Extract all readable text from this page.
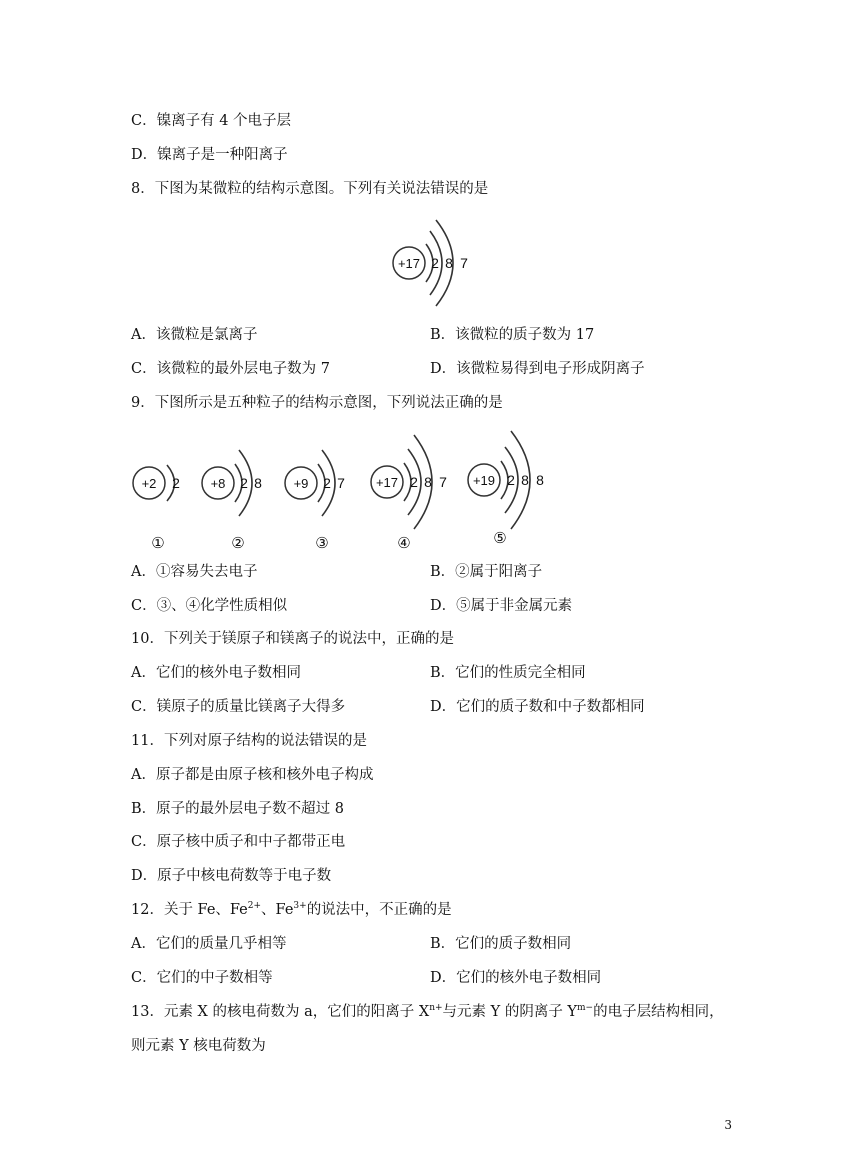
C．镍离子有 4 个电子层
D．镍离子是一种阳离子
8．下图为某微粒的结构示意图。下列有关说法错误的是
+17 2 8 7
A．该微粒是氯离子	B．该微粒的质子数为 17
C．该微粒的最外层电子数为 7	D．该微粒易得到电子形成阴离子
9．下图所示是五种粒子的结构示意图，下列说法正确的是
+2 2
①
+8 2 8
②
+9 2 7
③
+17 2 8 7
④
+19 2 8 8
⑤
A．①容易失去电子	B．②属于阳离子
C．③、④化学性质相似	D．⑤属于非金属元素
10．下列关于镁原子和镁离子的说法中，正确的是
A．它们的核外电子数相同	B．它们的性质完全相同
C．镁原子的质量比镁离子大得多	D．它们的质子数和中子数都相同
11．下列对原子结构的说法错误的是
A．原子都是由原子核和核外电子构成
B．原子的最外层电子数不超过 8
C．原子核中质子和中子都带正电
D．原子中核电荷数等于电子数
12．关于 Fe、$Fe^{2+}$、$Fe^{3+}$的说法中，不正确的是
A．它们的质量几乎相等	B．它们的质子数相同
C．它们的中子数相等	D．它们的核外电子数相同
13．元素 X 的核电荷数为 a，它们的阳离子 $X^{n+}$与元素 Y 的阴离子 $Y^{m-}$的电子层结构相同，
则元素 Y 核电荷数为
3
